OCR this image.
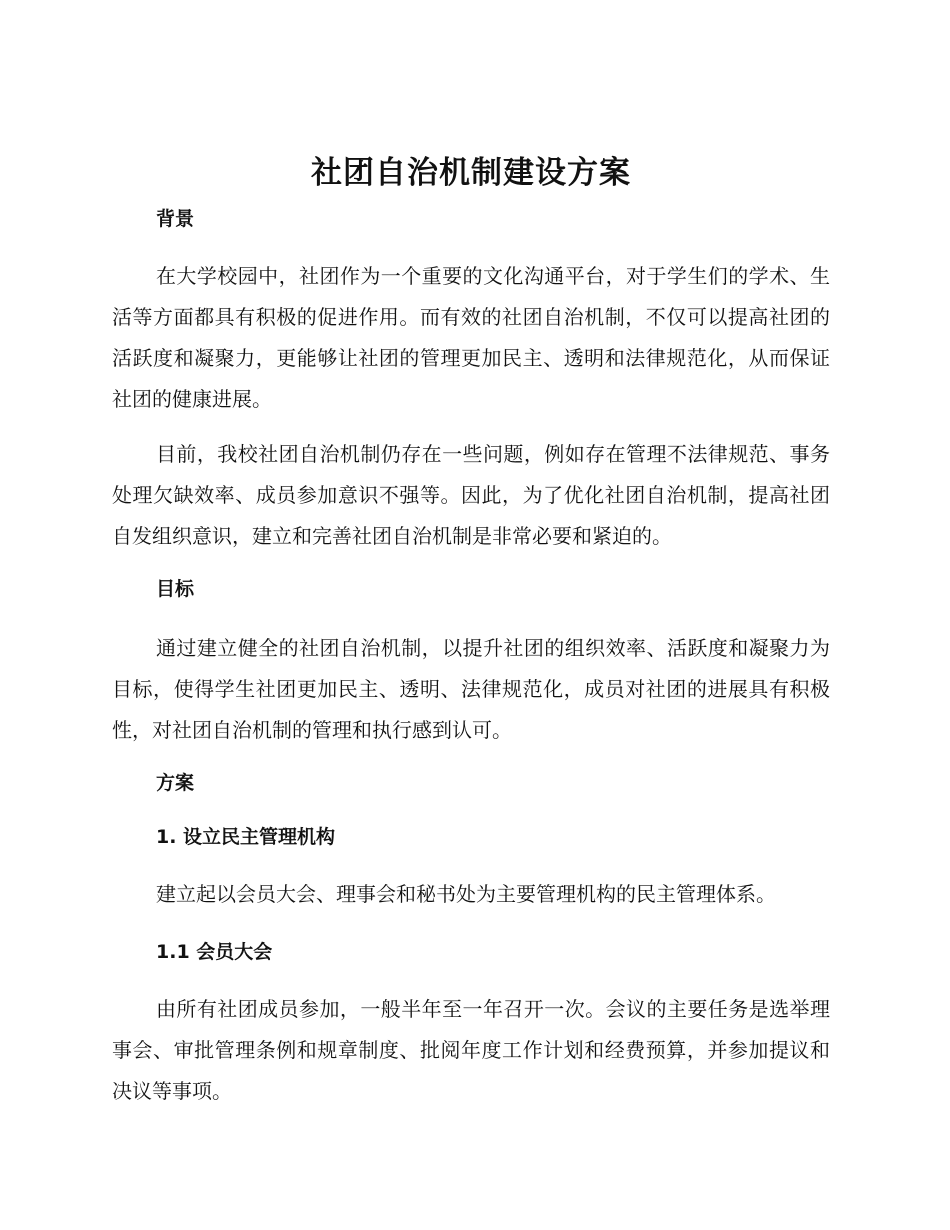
社团自治机制建设方案
背景

在大学校园中，社团作为一个重要的文化沟通平台，对于学生们的学术、生活等方面都具有积极的促进作用。而有效的社团自治机制，不仅可以提高社团的活跃度和凝聚力，更能够让社团的管理更加民主、透明和法律规范化，从而保证社团的健康进展。

目前，我校社团自治机制仍存在一些问题，例如存在管理不法律规范、事务处理欠缺效率、成员参加意识不强等。因此，为了优化社团自治机制，提高社团自发组织意识，建立和完善社团自治机制是非常必要和紧迫的。

目标

通过建立健全的社团自治机制，以提升社团的组织效率、活跃度和凝聚力为目标，使得学生社团更加民主、透明、法律规范化，成员对社团的进展具有积极性，对社团自治机制的管理和执行感到认可。

方案
1. 设立民主管理机构

建立起以会员大会、理事会和秘书处为主要管理机构的民主管理体系。

1.1 会员大会

由所有社团成员参加，一般半年至一年召开一次。会议的主要任务是选举理事会、审批管理条例和规章制度、批阅年度工作计划和经费预算，并参加提议和决议等事项。
